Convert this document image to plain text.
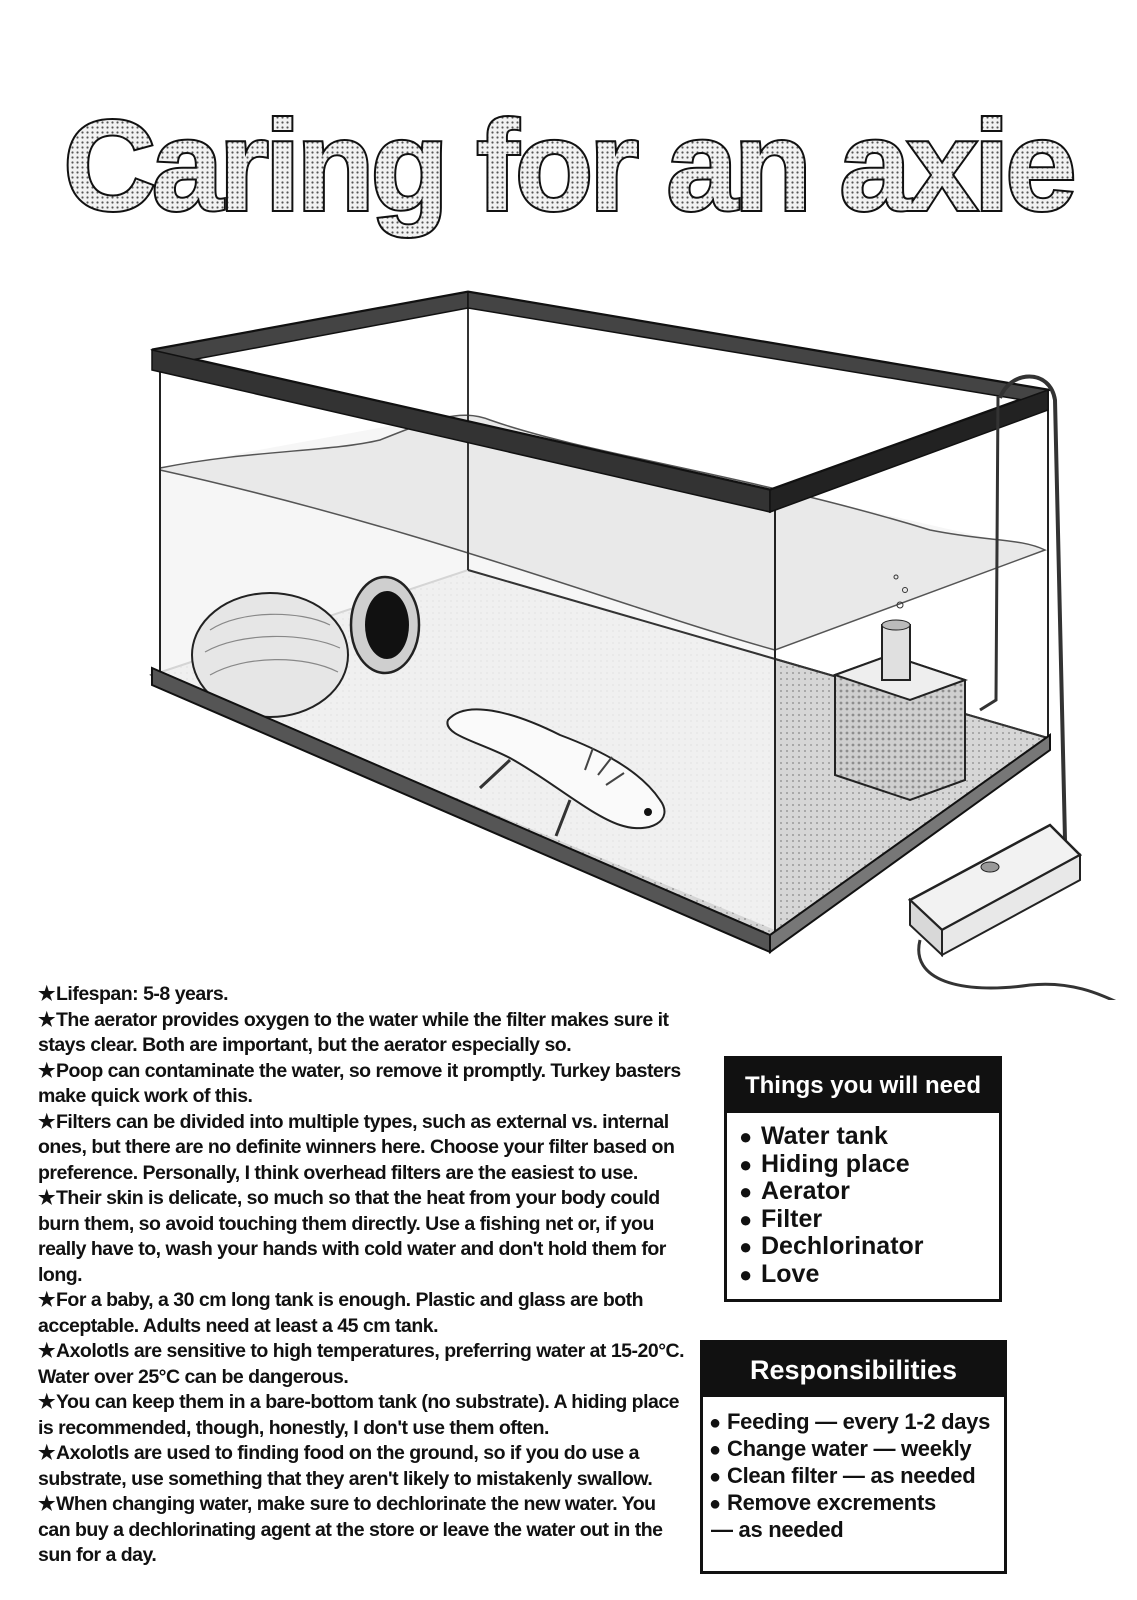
Caring for an axie

★Lifespan: 5-8 years.

★The aerator provides oxygen to the water while the filter makes sure it stays clear. Both are important, but the aerator especially so.

★Poop can contaminate the water, so remove it promptly. Turkey basters make quick work of this.

★Filters can be divided into multiple types, such as external vs. internal ones, but there are no definite winners here. Choose your filter based on preference. Personally, I think overhead filters are the easiest to use.

★Their skin is delicate, so much so that the heat from your body could burn them, so avoid touching them directly. Use a fishing net or, if you really have to, wash your hands with cold water and don't hold them for long.

★For a baby, a 30 cm long tank is enough. Plastic and glass are both acceptable. Adults need at least a 45 cm tank.

★Axolotls are sensitive to high temperatures, preferring water at 15-20°C. Water over 25°C can be dangerous.

★You can keep them in a bare-bottom tank (no substrate). A hiding place is recommended, though, honestly, I don't use them often.

★Axolotls are used to finding food on the ground, so if you do use a substrate, use something that they aren't likely to mistakenly swallow.

★When changing water, make sure to dechlorinate the new water. You can buy a dechlorinating agent at the store or leave the water out in the sun for a day.

Things you will need
● Water tank
● Hiding place
● Aerator
● Filter
● Dechlorinator
● Love
Responsibilities
● Feeding — every 1-2 days
● Change water — weekly
● Clean filter — as needed
● Remove excrements
— as needed
